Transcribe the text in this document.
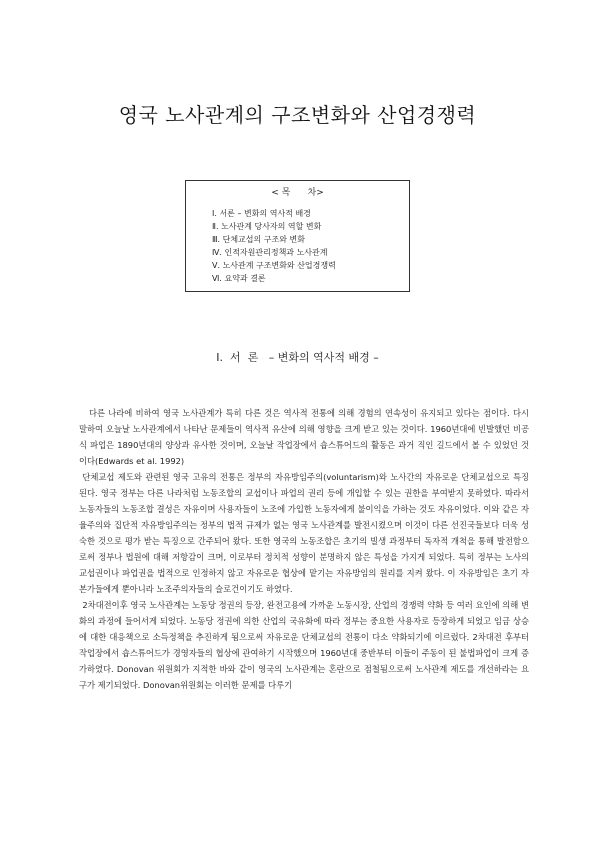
영국 노사관계의 구조변화와 산업경쟁력
< 목      차>
Ⅰ. 서론 – 변화의 역사적 배경
Ⅱ. 노사관계 당사자의 역할 변화
Ⅲ. 단체교섭의 구조와 변화
Ⅳ. 인적자원관리정책과 노사관계
Ⅴ. 노사관계 구조변화와 산업경쟁력
Ⅵ. 요약과 결론
Ⅰ.  서  론   – 변화의 역사적 배경 –

다른 나라에 비하여 영국 노사관계가 특히 다른 것은 역사적 전통에 의해 경험의 연속성이 유지되고 있다는 점이다. 다시 말하여 오늘날 노사관계에서 나타난 문제들이 역사적 유산에 의해 영향을 크게 받고 있는 것이다. 1960년대에 빈발했던 비공식 파업은 1890년대의 양상과 유사한 것이며, 오늘날 작업장에서 숍스튜어드의 활동은 과거 직인 길드에서 볼 수 있었던 것이다(Edwards et al. 1992)

단체교섭 제도와 관련된 영국 고유의 전통은 정부의 자유방임주의(voluntarism)와 노사간의 자유로운 단체교섭으로 특징 된다. 영국 정부는 다른 나라처럼 노동조합의 교섭이나 파업의 권리 등에 개입할 수 있는 권한을 부여받지 못하였다. 따라서 노동자들의 노동조합 결성은 자유이며 사용자들이 노조에 가입한 노동자에게 불이익을 가하는 것도 자유이었다. 이와 같은 자율주의와 집단적 자유방임주의는 정부의 법적 규제가 없는 영국 노사관계를 발전시켰으며 이것이 다른 선진국들보다 더욱 성숙한 것으로 평가 받는 특징으로 간주되어 왔다. 또한 영국의 노동조합은 초기의 빌생 과정부터 독자적 개척을 통해 발전함으로써 정부나 법원에 대해 저항감이 크며, 이로부터 정치적 성향이 분명하지 않은 특성을 가지게 되었다. 특히 정부는 노사의 교섭권이나 파업권을 법적으로 인정하지 않고 자유로운 협상에 맡기는 자유방임의 원리를 지켜 왔다. 이 자유방임은 초기 자본가들에게 뿐아니라 노조주의자들의 슬로건이기도 하였다.

2차대전이후 영국 노사관계는 노동당 정권의 등장, 완전고용에 가까운 노동시장, 산업의 경쟁력 약화 등 여러 요인에 의해 변화의 과정에 들어서게 되었다. 노동당 정권에 의한 산업의 국유화에 따라 정부는 중요한 사용자로 등장하게 되었고 임금 상승에 대한 대응책으로 소득정책을 추진하게 됨으로써 자유로운 단체교섭의 전통이 다소 약화되기에 이르렀다. 2차대전 후부터 작업장에서 숍스튜어드가 경영자들의 협상에 관여하기 시작했으며 1960년대 중반부터 이들이 주동이 된 불법파업이 크게 증가하였다. Donovan 위원회가 지적한 바와 같이 영국의 노사관계는 혼란으로 점철됨으로써 노사관계 제도를 개선하라는 요구가 제기되었다. Donovan위원회는 이러한 문제를 다루기
